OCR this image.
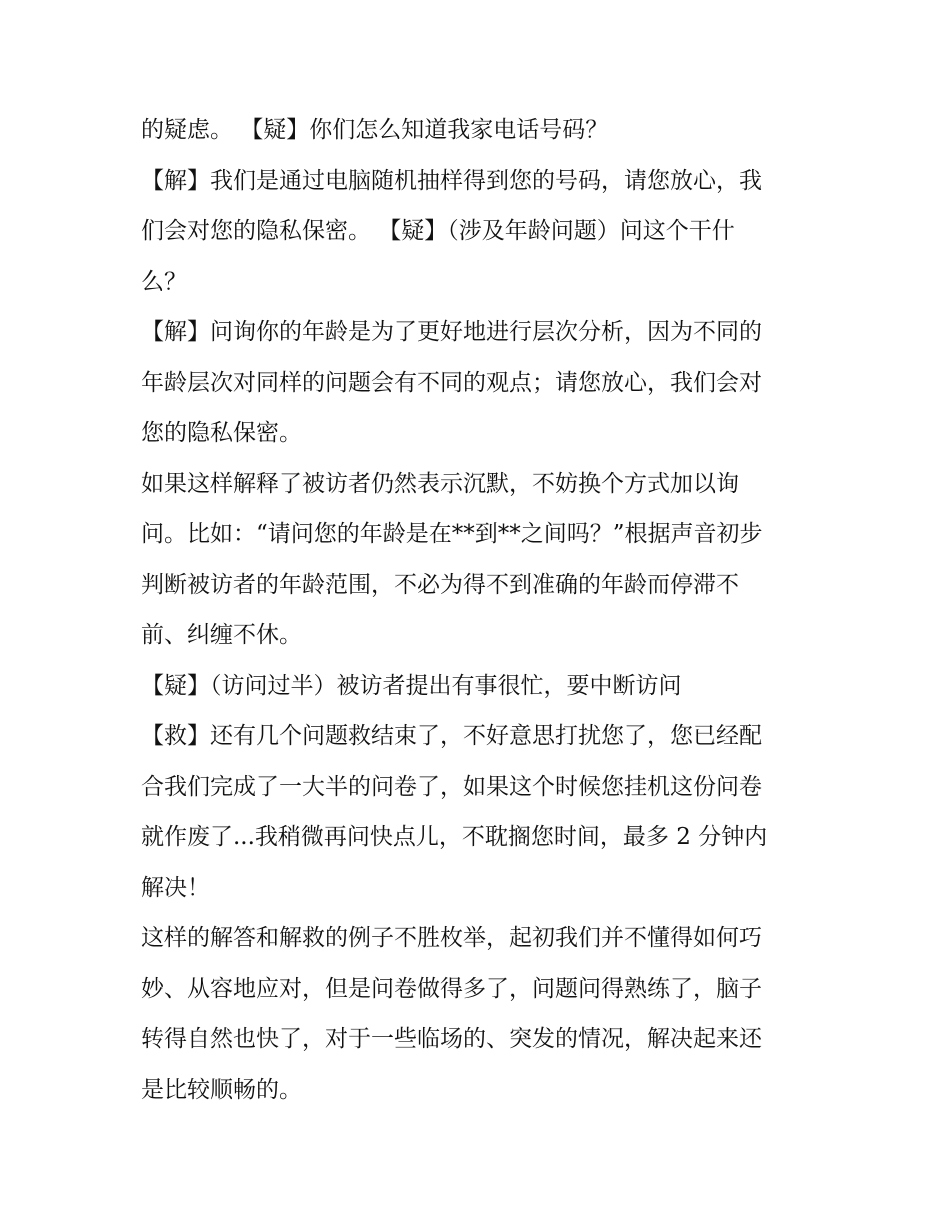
的疑虑。 【疑】你们怎么知道我家电话号码？
【解】我们是通过电脑随机抽样得到您的号码，请您放心，我
们会对您的隐私保密。 【疑】（涉及年龄问题）问这个干什
么？
【解】问询你的年龄是为了更好地进行层次分析，因为不同的
年龄层次对同样的问题会有不同的观点；请您放心，我们会对
您的隐私保密。
如果这样解释了被访者仍然表示沉默，不妨换个方式加以询
问。比如：“请问您的年龄是在**到**之间吗？”根据声音初步
判断被访者的年龄范围，不必为得不到准确的年龄而停滞不
前、纠缠不休。
【疑】（访问过半）被访者提出有事很忙，要中断访问
【救】还有几个问题救结束了，不好意思打扰您了，您已经配
合我们完成了一大半的问卷了，如果这个时候您挂机这份问卷
就作废了...我稍微再问快点儿，不耽搁您时间，最多 2 分钟内
解决！
这样的解答和解救的例子不胜枚举，起初我们并不懂得如何巧
妙、从容地应对，但是问卷做得多了，问题问得熟练了，脑子
转得自然也快了，对于一些临场的、突发的情况，解决起来还
是比较顺畅的。
